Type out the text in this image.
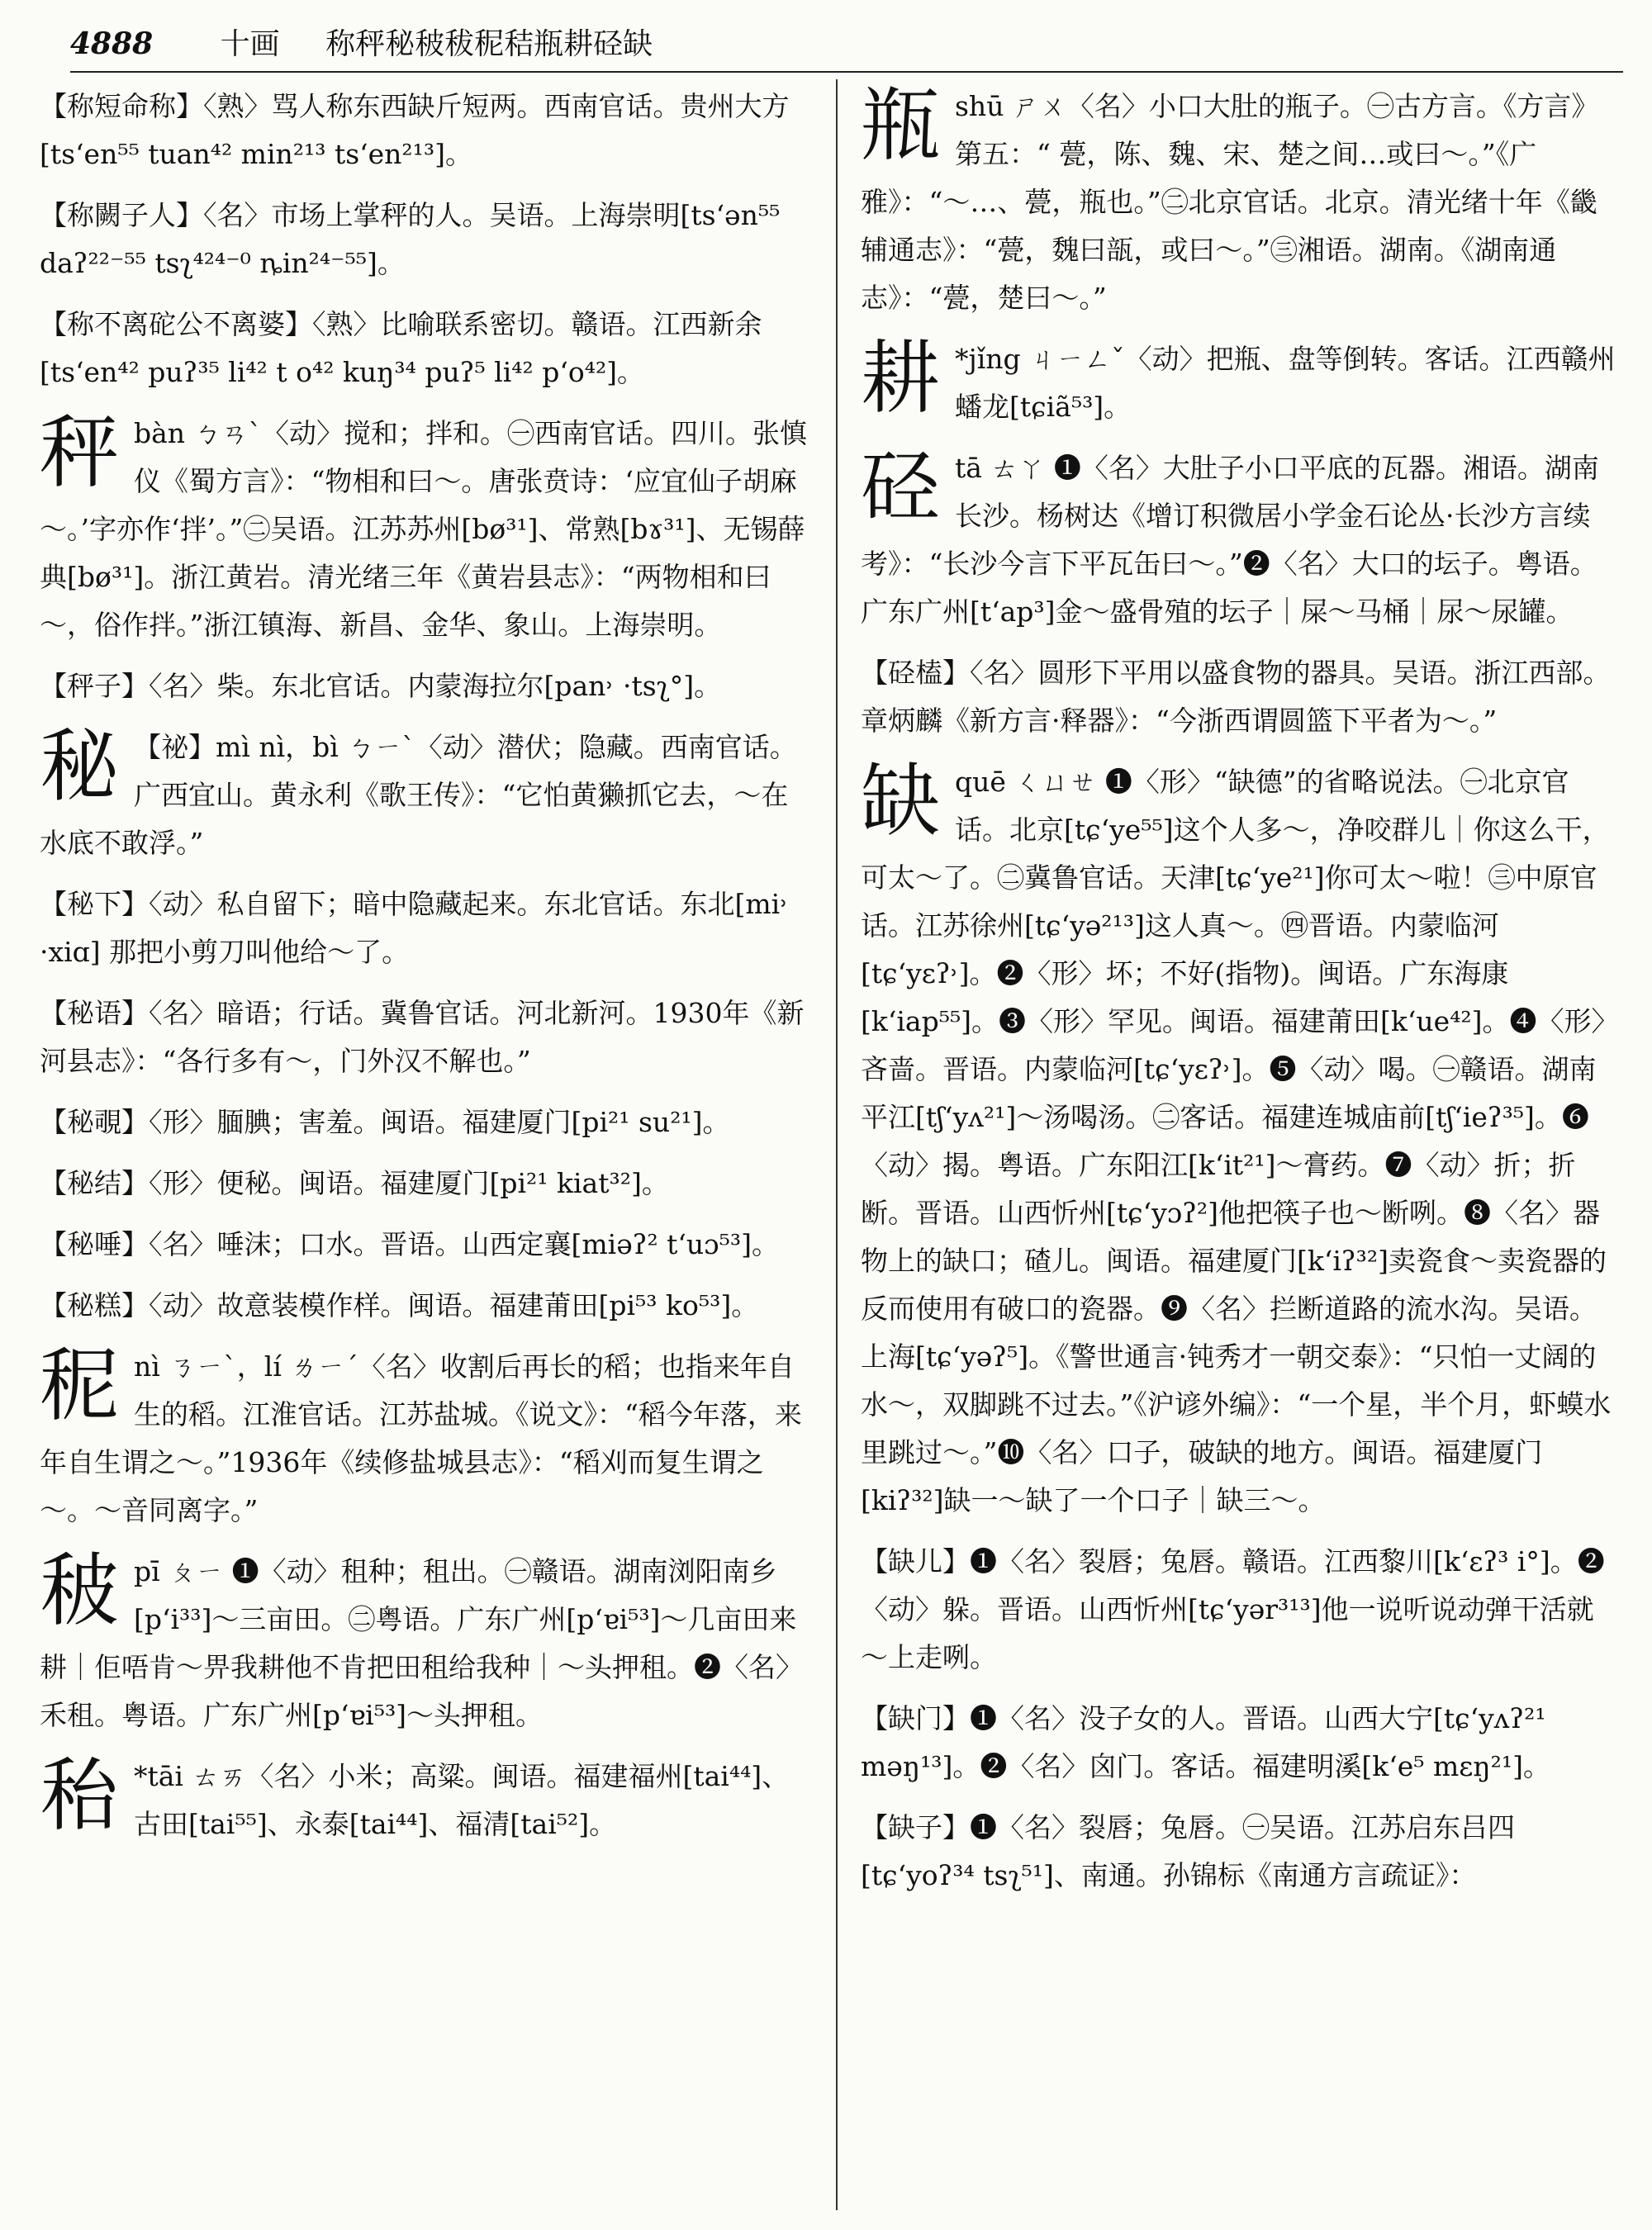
4888 十画 称秤秘秛秡秜秸瓶耕硁缺
【称短命称】〈熟〉骂人称东西缺斤短两。西南官话。贵州大方[ts‘en⁵⁵ tuan⁴² min²¹³ ts‘en²¹³]。
【称闕子人】〈名〉市场上掌秤的人。吴语。上海崇明[ts‘ən⁵⁵ daʔ²²⁻⁵⁵ tsʅ⁴²⁴⁻⁰ ȵin²⁴⁻⁵⁵]。
【称不离砣公不离婆】〈熟〉比喻联系密切。赣语。江西新余[ts‘en⁴² puʔ³⁵ li⁴² t o⁴² kuŋ³⁴ puʔ⁵ li⁴² p‘o⁴²]。
秤bàn ㄅㄢˋ〈动〉搅和；拌和。㊀西南官话。四川。张慎仪《蜀方言》：“物相和曰～。唐张贲诗：‘应宜仙子胡麻～。’字亦作‘拌’。”㊁吴语。江苏苏州[bø³¹]、常熟[bɤ³¹]、无锡薛典[bø³¹]。浙江黄岩。清光绪三年《黄岩县志》：“两物相和曰～，俗作拌。”浙江镇海、新昌、金华、象山。上海崇明。
【秤子】〈名〉柴。东北官话。内蒙海拉尔[pan˒ ·tsʅ°]。
秘 【祕】mì nì，bì ㄅㄧˋ〈动〉潜伏；隐藏。西南官话。广西宜山。黄永利《歌王传》：“它怕黄獭抓它去，～在水底不敢浮。”
【秘下】〈动〉私自留下；暗中隐藏起来。东北官话。东北[mi˒ ·xiɑ] 那把小剪刀叫他给～了。
【秘语】〈名〉暗语；行话。冀鲁官话。河北新河。1930年《新河县志》：“各行多有～，门外汉不解也。”
【秘覗】〈形〉腼腆；害羞。闽语。福建厦门[pi²¹ su²¹]。
【秘结】〈形〉便秘。闽语。福建厦门[pi²¹ kiat³²]。
【秘唾】〈名〉唾沫；口水。晋语。山西定襄[miəʔ² t‘uɔ⁵³]。
【秘糕】〈动〉故意装模作样。闽语。福建莆田[pi⁵³ ko⁵³]。
秜nì ㄋㄧˋ，lí ㄌㄧˊ〈名〉收割后再长的稻；也指来年自生的稻。江淮官话。江苏盐城。《说文》：“稻今年落，来年自生谓之～。”1936年《续修盐城县志》：“稻刈而复生谓之～。～音同离字。”
秛pī ㄆㄧ ❶〈动〉租种；租出。㊀赣语。湖南浏阳南乡[p‘i³³]～三亩田。㊁粤语。广东广州[p‘ɐi⁵³]～几亩田来耕｜佢唔肯～畀我耕他不肯把田租给我种｜～头押租。❷〈名〉禾租。粤语。广东广州[p‘ɐi⁵³]～头押租。
秮 *tāi ㄊㄞ〈名〉小米；高粱。闽语。福建福州[tai⁴⁴]、古田[tai⁵⁵]、永泰[tai⁴⁴]、福清[tai⁵²]。
瓶shū ㄕㄨ〈名〉小口大肚的瓶子。㊀古方言。《方言》第五：“ 甍，陈、魏、宋、楚之间…或曰～。”《广雅》：“～…、甍，瓶也。”㊁北京官话。北京。清光绪十年《畿辅通志》：“甍，魏曰瓿，或曰～。”㊂湘语。湖南。《湖南通志》：“甍，楚曰～。”
耕 *jǐng ㄐㄧㄥˇ〈动〉把瓶、盘等倒转。客话。江西赣州蟠龙[tɕiã⁵³]。
硁tā ㄊㄚ ❶〈名〉大肚子小口平底的瓦器。湘语。湖南长沙。杨树达《增订积微居小学金石论丛·长沙方言续考》：“长沙今言下平瓦缶曰～。”❷〈名〉大口的坛子。粤语。广东广州[t‘ap³]金～盛骨殖的坛子｜屎～马桶｜尿～尿罐。
【硁榼】〈名〉圆形下平用以盛食物的器具。吴语。浙江西部。章炳麟《新方言·释器》：“今浙西谓圆篮下平者为～。”
缺quē ㄑㄩㄝ ❶〈形〉“缺德”的省略说法。㊀北京官话。北京[tɕ‘ye⁵⁵]这个人多～，净咬群儿｜你这么干，可太～了。㊁冀鲁官话。天津[tɕ‘ye²¹]你可太～啦！㊂中原官话。江苏徐州[tɕ‘yə²¹³]这人真～。㊃晋语。内蒙临河[tɕ‘yɛʔ˒]。❷〈形〉坏；不好(指物)。闽语。广东海康[k‘iap⁵⁵]。❸〈形〉罕见。闽语。福建莆田[k‘ue⁴²]。❹〈形〉吝啬。晋语。内蒙临河[tɕ‘yɛʔ˒]。❺〈动〉喝。㊀赣语。湖南平江[tʃ‘yʌ²¹]～汤喝汤。㊁客话。福建连城庙前[tʃ‘ieʔ³⁵]。❻〈动〉揭。粤语。广东阳江[k‘it²¹]～膏药。❼〈动〉折；折断。晋语。山西忻州[tɕ‘yɔʔ²]他把筷子也～断咧。❽〈名〉器物上的缺口；碴儿。闽语。福建厦门[k‘iʔ³²]卖瓷食～卖瓷器的反而使用有破口的瓷器。❾〈名〉拦断道路的流水沟。吴语。上海[tɕ‘yəʔ⁵]。《警世通言·钝秀才一朝交泰》：“只怕一丈阔的水～，双脚跳不过去。”《沪谚外编》：“一个星，半个月，虾蟆水里跳过～。”❿〈名〉口子，破缺的地方。闽语。福建厦门[kiʔ³²]缺一～缺了一个口子｜缺三～。
【缺儿】❶〈名〉裂唇；兔唇。赣语。江西黎川[k‘ɛʔ³ i°]。❷〈动〉躲。晋语。山西忻州[tɕ‘yər³¹³]他一说听说动弹干活就～上走咧。
【缺门】❶〈名〉没子女的人。晋语。山西大宁[tɕ‘yʌʔ²¹ məŋ¹³]。❷〈名〉囟门。客话。福建明溪[k‘e⁵ mɛŋ²¹]。
【缺子】❶〈名〉裂唇；兔唇。㊀吴语。江苏启东吕四[tɕ‘yoʔ³⁴ tsʅ⁵¹]、南通。孙锦标《南通方言疏证》：
